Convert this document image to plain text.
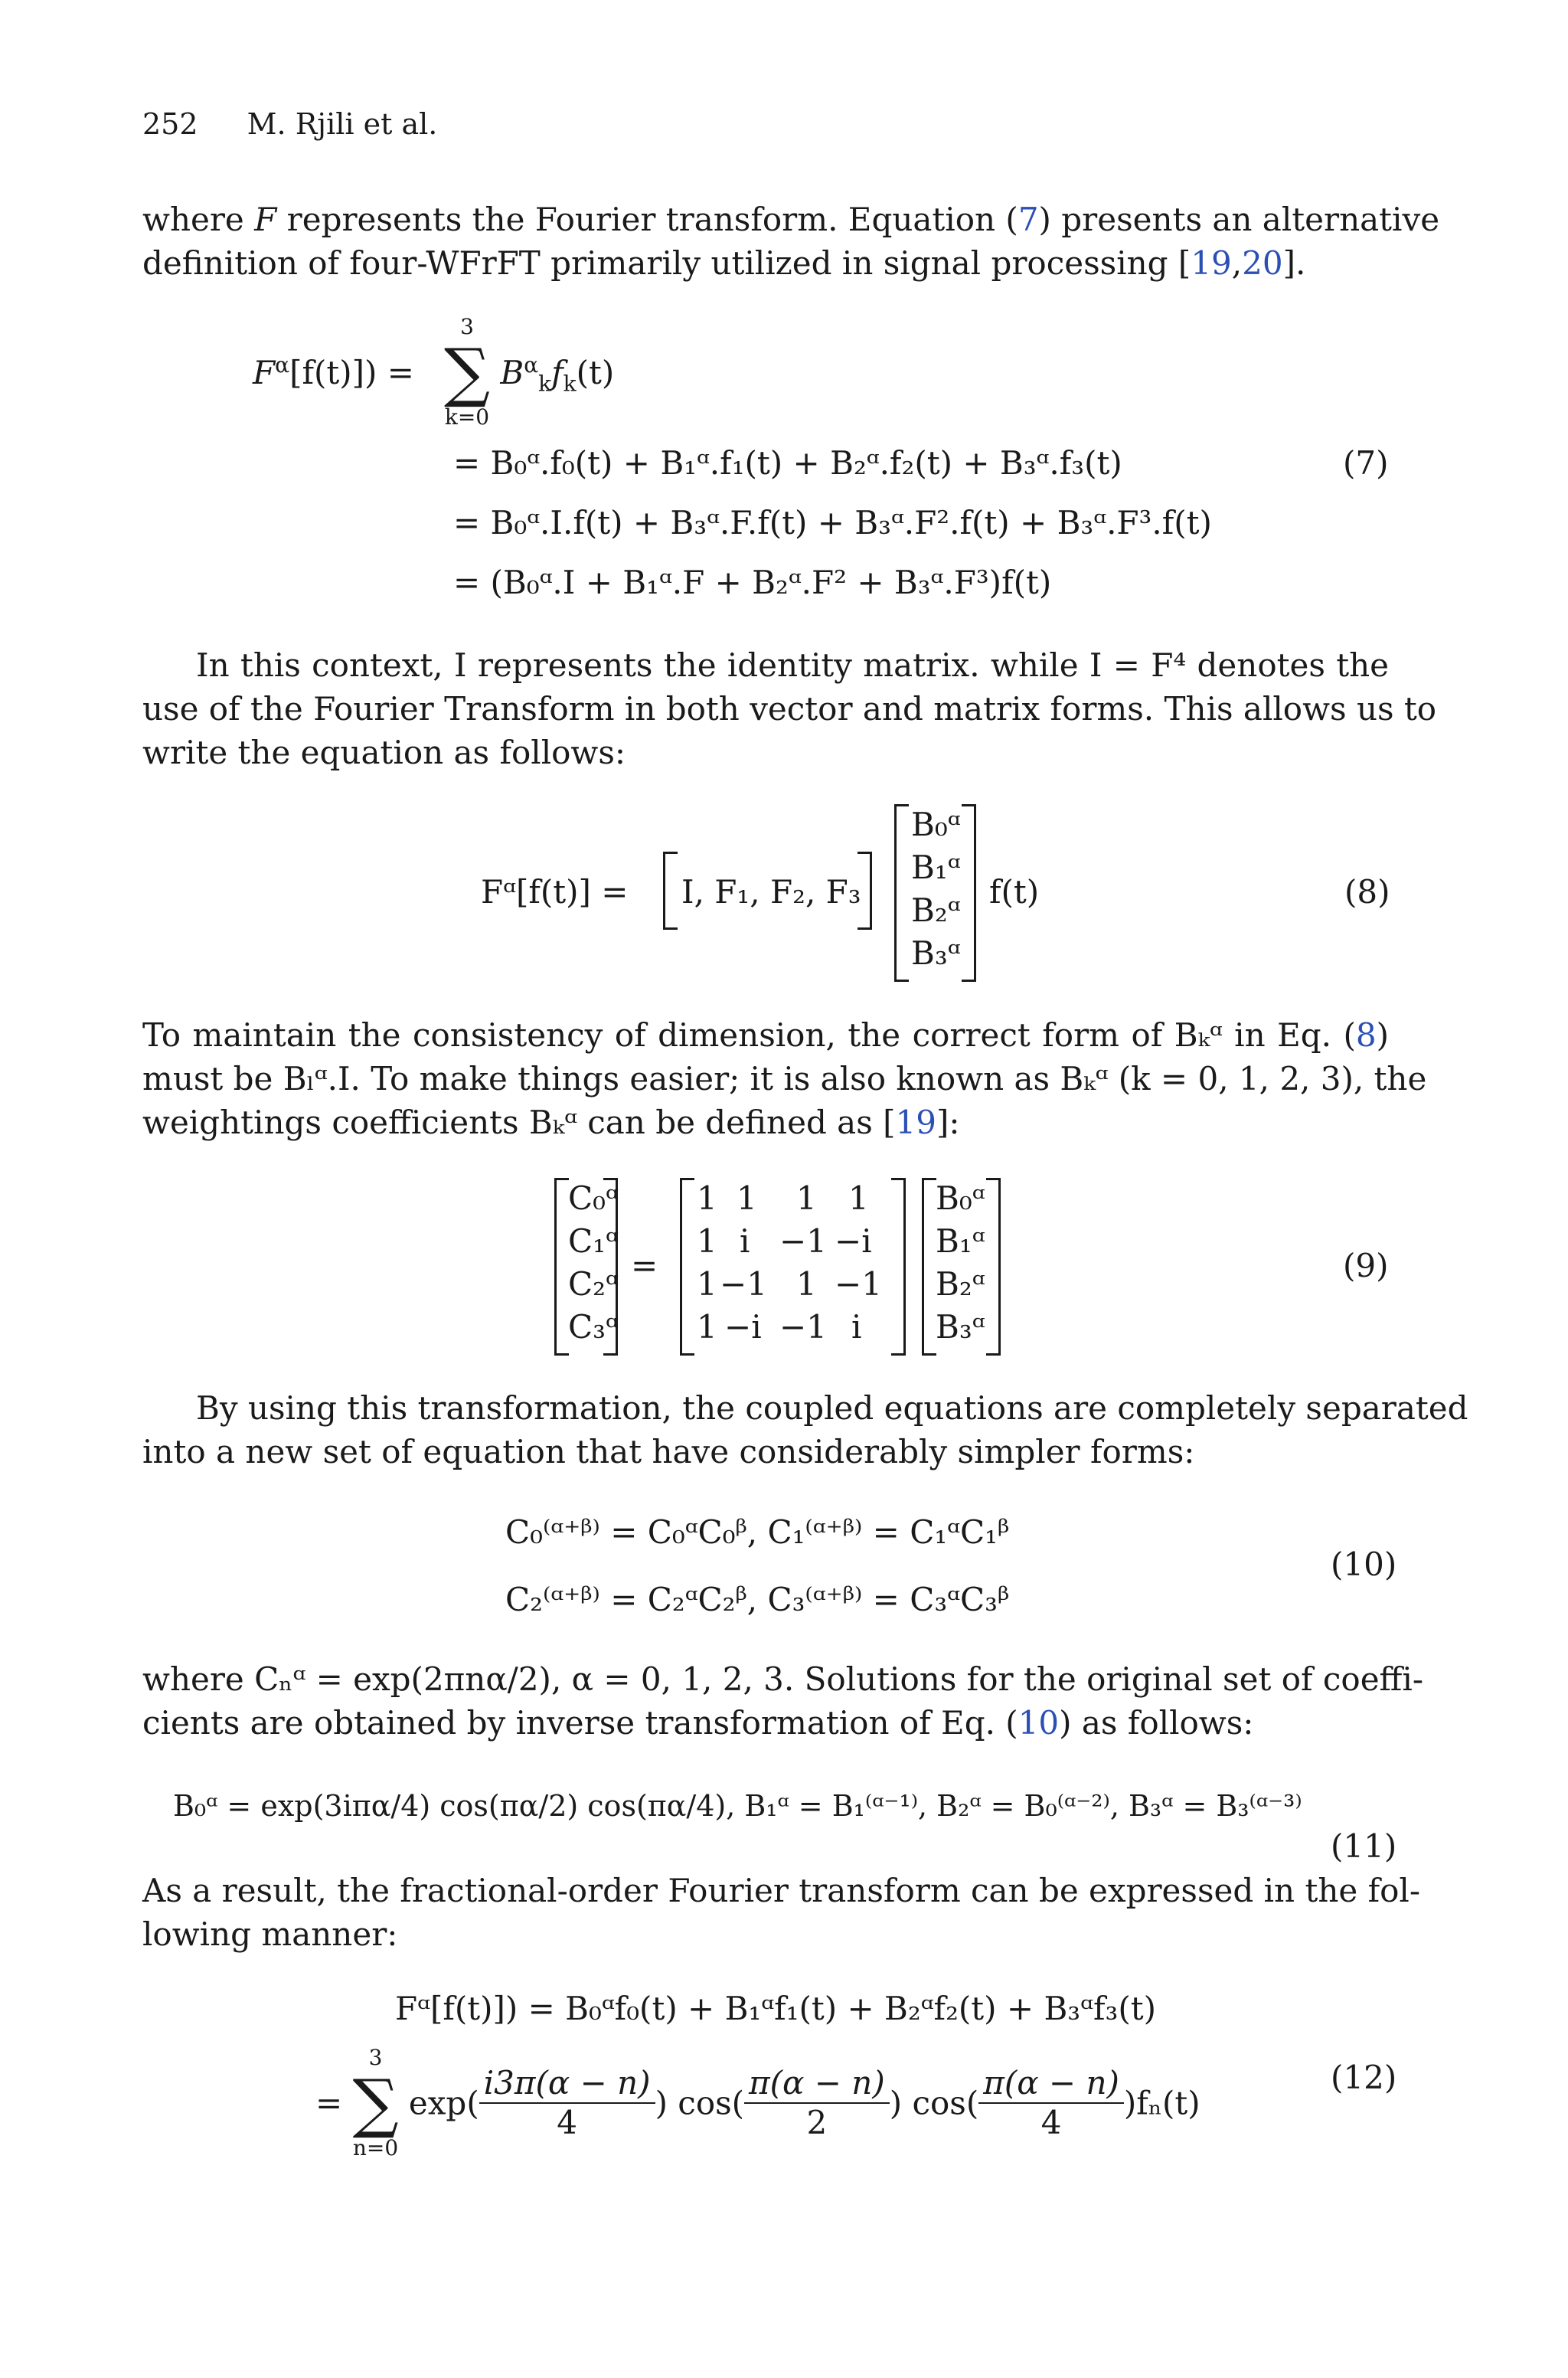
252 M. Rjili et al.
where F represents the Fourier transform. Equation (7) presents an alternative
definition of four-WFrFT primarily utilized in signal processing [19,20].
$F^\alpha[f(t)]$) =
3
∑
k=0
$B^\alpha_kf_k(t)$
= B₀ᵅ.f₀(t) + B₁ᵅ.f₁(t) + B₂ᵅ.f₂(t) + B₃ᵅ.f₃(t)
= B₀ᵅ.I.f(t) + B₃ᵅ.F.f(t) + B₃ᵅ.F².f(t) + B₃ᵅ.F³.f(t)
= (B₀ᵅ.I + B₁ᵅ.F + B₂ᵅ.F² + B₃ᵅ.F³)f(t)
(7)
In this context, I represents the identity matrix. while I = F⁴ denotes the
use of the Fourier Transform in both vector and matrix forms. This allows us to
write the equation as follows:
Fᵅ[f(t)] = I, F₁, F₂, F₃
B₀ᵅ
B₁ᵅ
B₂ᵅ
B₃ᵅ
f(t)	(8)
To maintain the consistency of dimension, the correct form of Bₖᵅ in Eq. (8)
must be Bₗᵅ.I. To make things easier; it is also known as Bₖᵅ (k = 0, 1, 2, 3), the
weightings coefficients Bₖᵅ can be defined as [19]:
C₀ᵅ
C₁ᵅ
C₂ᵅ
C₃ᵅ
=
1 1 1 1
1 i −1 −i
1 −1 1 −1
1 −i −1 i
B₀ᵅ
B₁ᵅ
B₂ᵅ
B₃ᵅ
(9)
By using this transformation, the coupled equations are completely separated
into a new set of equation that have considerably simpler forms:
C₀⁽ᵅ⁺ᵝ⁾ = C₀ᵅC₀ᵝ, C₁⁽ᵅ⁺ᵝ⁾ = C₁ᵅC₁ᵝ
C₂⁽ᵅ⁺ᵝ⁾ = C₂ᵅC₂ᵝ, C₃⁽ᵅ⁺ᵝ⁾ = C₃ᵅC₃ᵝ
(10)
where Cₙᵅ = exp(2πnα/2), α = 0, 1, 2, 3. Solutions for the original set of coeffi-
cients are obtained by inverse transformation of Eq. (10) as follows:
B₀ᵅ = exp(3iπα/4) cos(πα/2) cos(πα/4), B₁ᵅ = B₁⁽ᵅ⁻¹⁾, B₂ᵅ = B₀⁽ᵅ⁻²⁾, B₃ᵅ = B₃⁽ᵅ⁻³⁾
(11)
As a result, the fractional-order Fourier transform can be expressed in the fol-
lowing manner:
Fᵅ[f(t)]) = B₀ᵅf₀(t) + B₁ᵅf₁(t) + B₂ᵅf₂(t) + B₃ᵅf₃(t)
=
3
∑
n=0
$\exp( \frac{i3\pi(\alpha - n)}{4}$ ) $\cos( \frac{\pi(\alpha - n)}{2}$ ) $\cos( \frac{\pi(\alpha - n)}{4} )f_n(t)$
(12)
